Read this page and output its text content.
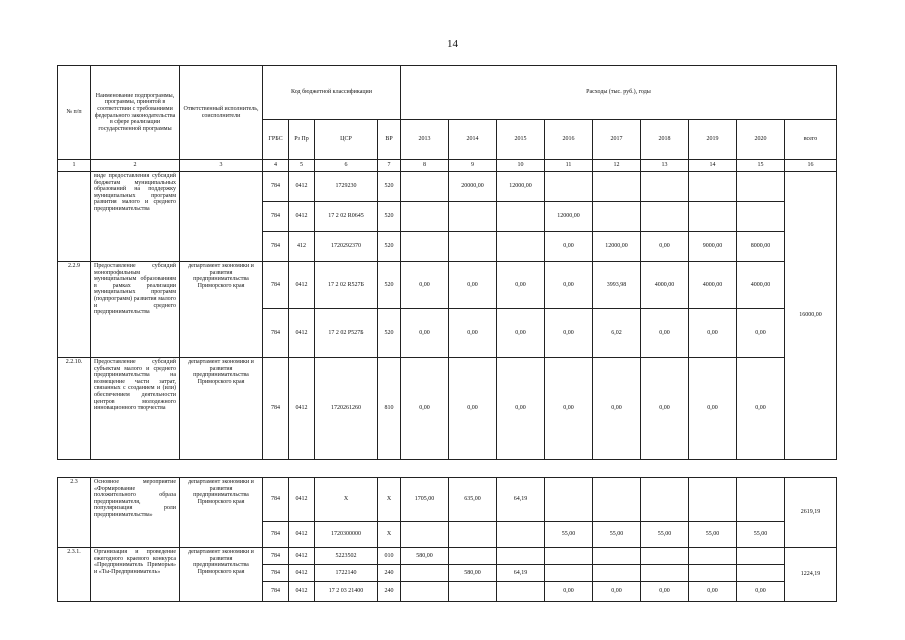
14
№ п/п	Наименование подпрограммы, программы, принятой в соответствии с требованиями федерального законодательства в сфере реализации государственной программы	Ответственный исполнитель, соисполнители	Код бюджетной классификации				Расходы (тыс. руб.), годы								
			ГРБС	Рз Пр	ЦСР	ВР	2013	2014	2015	2016	2017	2018	2019	2020	всего
1	2	3	4	5	6	7	8	9	10	11	12	13	14	15	16
	виде предоставления субсидий бюджетам муниципальных образований на поддержку муниципальных программ развития малого и среднего предпринимательства		784	0412	1729230	520		20000,00	12000,00						16000,00
			784	0412	17 2 02 R0645	520				12000,00					
			784	412	1720292370	520				0,00	12000,00	0,00	9000,00	8000,00	
2.2.9	Предоставление субсидий монопрофильным муниципальным образованиям в рамках реализации муниципальных программ (подпрограмм) развития малого и среднего предпринимательства	департамент экономики и развития предпринимательства Приморского края	784	0412	17 2 02 R527Б	520	0,00	0,00	0,00	0,00	3993,98	4000,00	4000,00	4000,00	
			784	0412	17 2 02 Р527Б	520	0,00	0,00	0,00	0,00	6,02	0,00	0,00	0,00	
2.2.10.	Предоставление субсидий субъектам малого и среднего предпринимательства на возмещение части затрат, связанных с созданием и (или) обеспечением деятельности центров молодежного инновационного творчества	департамент экономики и развития предпринимательства Приморского края	784	0412	1720261260	810	0,00	0,00	0,00	0,00	0,00	0,00	0,00	0,00	
2.3	Основное мероприятие «Формирование положительного образа предпринимателя, популяризация роли предпринимательства»	департамент экономики и развития предпринимательства Приморского края	784	0412	X	X	1705,00	635,00	64,19						2619,19
			784	0412	1720300000	X				55,00	55,00	55,00	55,00	55,00	
2.3.1.	Организация и проведение ежегодного краевого конкурса «Предприниматель Приморья» и «Ты-Предприниматель»	департамент экономики и развития предпринимательства Приморского края	784	0412	5223502	010	580,00								1224,19
			784	0412	1722140	240		580,00	64,19						
			784	0412	17 2 03 21400	240				0,00	0,00	0,00	0,00	0,00	
